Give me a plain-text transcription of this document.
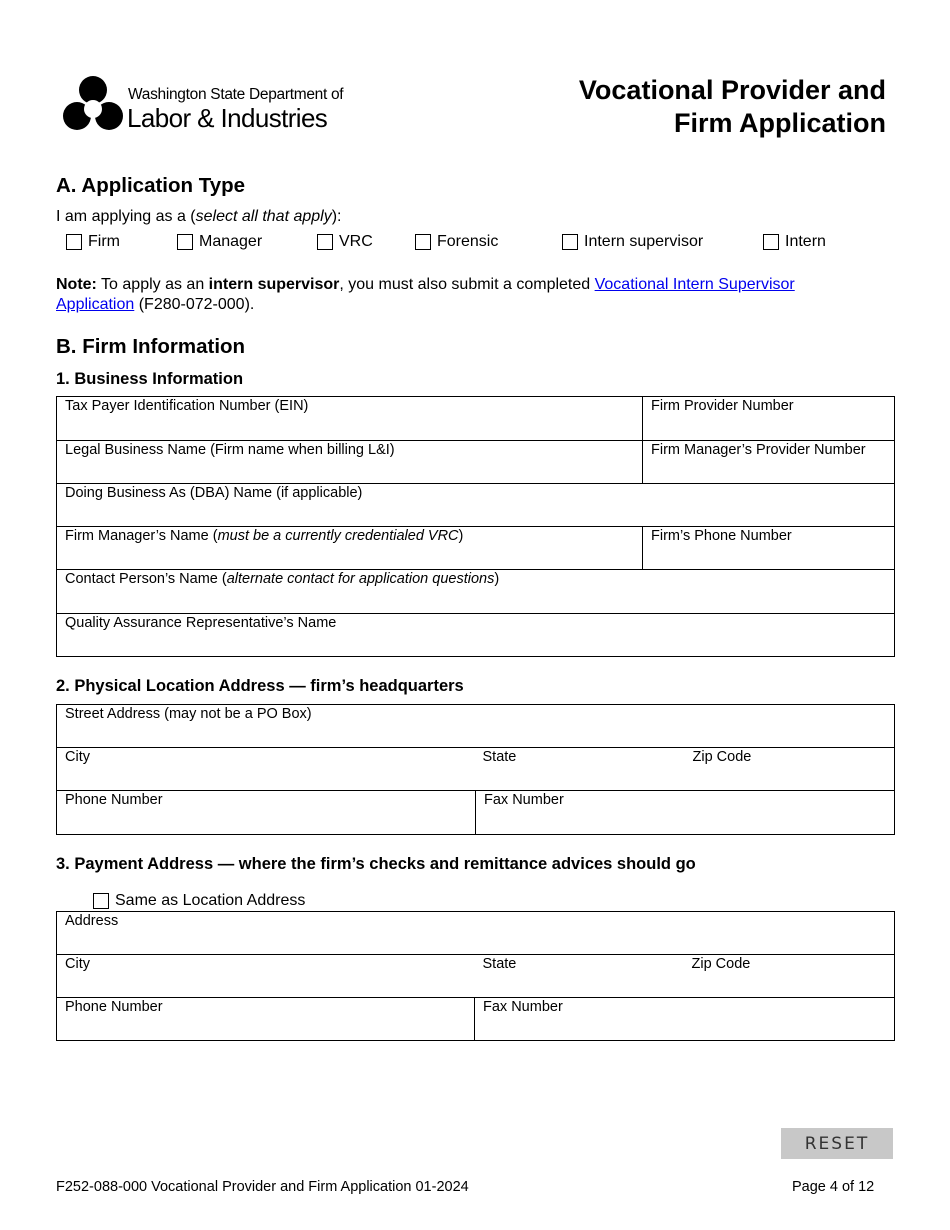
Washington State Department of
Labor & Industries
Vocational Provider and
Firm Application
A. Application Type
I am applying as a (select all that apply):
Firm	Manager	VRC	Forensic	Intern supervisor	Intern
Note: To apply as an intern supervisor, you must also submit a completed Vocational Intern Supervisor Application (F280-072-000).
B. Firm Information
1. Business Information
Tax Payer Identification Number (EIN)	Firm Provider Number

Legal Business Name (Firm name when billing L&I)	Firm Manager’s Provider Number

Doing Business As (DBA) Name (if applicable)	

Firm Manager’s Name (must be a currently credentialed VRC)	Firm’s Phone Number

Contact Person’s Name (alternate contact for application questions)	

Quality Assurance Representative’s Name	
2. Physical Location Address — firm’s headquarters
Street Address (may not be a PO Box)		

City	State	Zip Code

Phone Number	Fax Number	
3. Payment Address — where the firm’s checks and remittance advices should go
Same as Location Address
Address		

City	State	Zip Code

Phone Number	Fax Number	
RESET
F252-088-000 Vocational Provider and Firm Application 01-2024	Page 4 of 12
